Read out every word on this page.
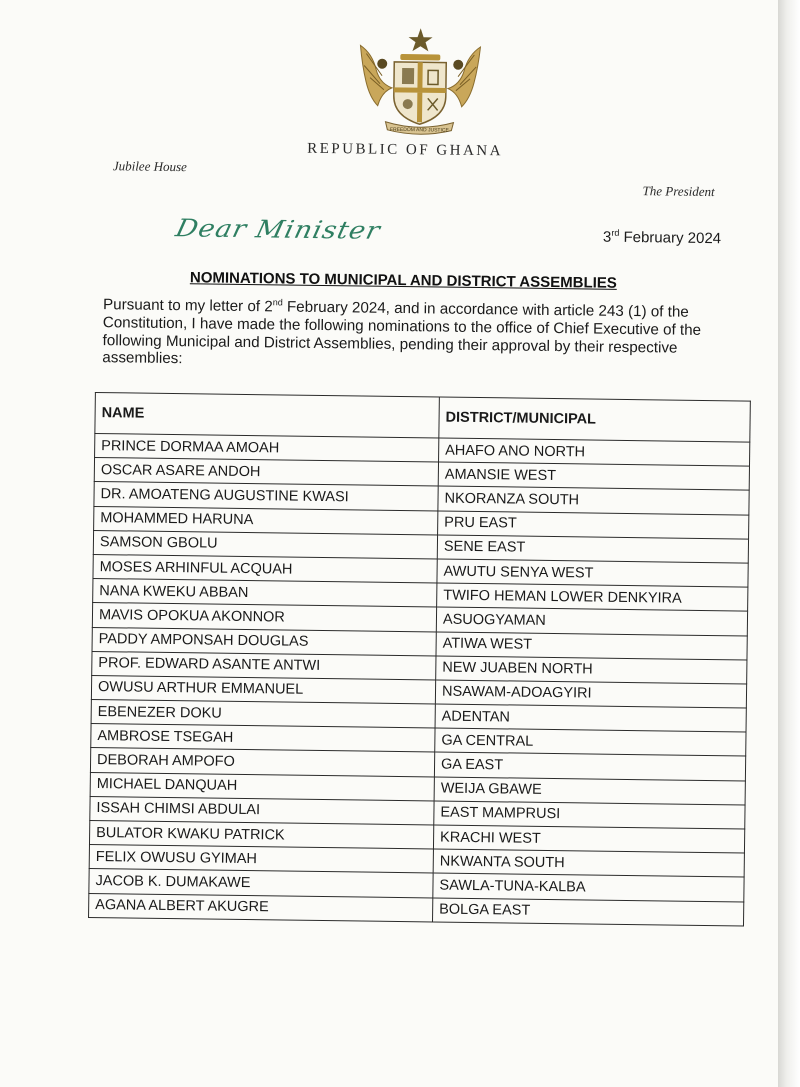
FREEDOM AND JUSTICE
REPUBLIC OF GHANA
Jubilee House
The President
Dear Minister	3rd February 2024
NOMINATIONS TO MUNICIPAL AND DISTRICT ASSEMBLIES
Pursuant to my letter of 2nd February 2024, and in accordance with article 243 (1) of the Constitution, I have made the following nominations to the office of Chief Executive of the following Municipal and District Assemblies, pending their approval by their respective assemblies:
NAME	DISTRICT/MUNICIPAL
PRINCE DORMAA AMOAH	AHAFO ANO NORTH
OSCAR ASARE ANDOH	AMANSIE WEST
DR. AMOATENG AUGUSTINE KWASI	NKORANZA SOUTH
MOHAMMED HARUNA	PRU EAST
SAMSON GBOLU	SENE EAST
MOSES ARHINFUL ACQUAH	AWUTU SENYA WEST
NANA KWEKU ABBAN	TWIFO HEMAN LOWER DENKYIRA
MAVIS OPOKUA AKONNOR	ASUOGYAMAN
PADDY AMPONSAH DOUGLAS	ATIWA WEST
PROF. EDWARD ASANTE ANTWI	NEW JUABEN NORTH
OWUSU ARTHUR EMMANUEL	NSAWAM-ADOAGYIRI
EBENEZER DOKU	ADENTAN
AMBROSE TSEGAH	GA CENTRAL
DEBORAH AMPOFO	GA EAST
MICHAEL DANQUAH	WEIJA GBAWE
ISSAH CHIMSI ABDULAI	EAST MAMPRUSI
BULATOR KWAKU PATRICK	KRACHI WEST
FELIX OWUSU GYIMAH	NKWANTA SOUTH
JACOB K. DUMAKAWE	SAWLA-TUNA-KALBA
AGANA ALBERT AKUGRE	BOLGA EAST
